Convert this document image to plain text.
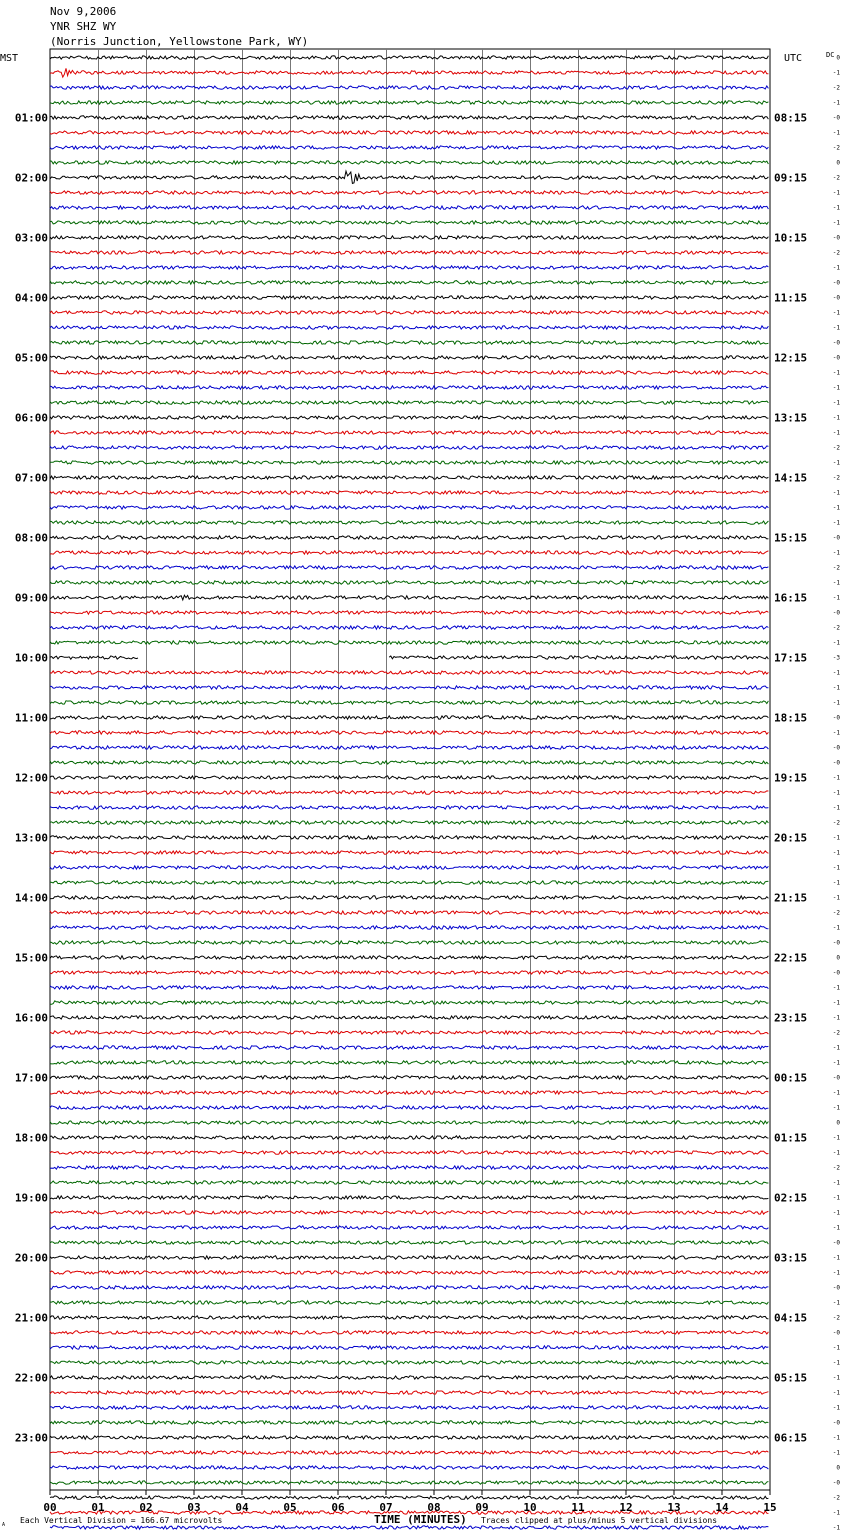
Nov 9,2006
YNR SHZ WY
(Norris Junction, Yellowstone Park, WY)
0
-1
-2
-1
-0
-1
-2
0
-2
-1
-1
-1
-0
-2
-1
-0
-0
-1
-1
-0
-0
-1
-1
-1
-1
-1
-2
-1
-2
-1
-1
-1
-0
-1
-2
-1
-1
-0
-2
-1
-3
-1
-1
-1
-0
-1
-0
-0
-1
-1
-1
-2
-1
-1
-1
-1
-1
-2
-1
-0
0
-0
-1
-1
-1
-2
-1
-1
-0
-1
-1
0
-1
-1
-2
-1
-1
-1
-1
-0
-1
-1
-0
-1
-2
-0
-1
-1
-1
-1
-1
-0
-1
-1
0
-0
-2
-1
-1
DC
MST	UTC
01:00
02:00
03:00
04:00
05:00
06:00
07:00
08:00
09:00
10:00
11:00
12:00
13:00
14:00
15:00
16:00
17:00
18:00
19:00
20:00
21:00
22:00
23:00
08:15
09:15
10:15
11:15
12:15
13:15
14:15
15:15
16:15
17:15
18:15
19:15
20:15
21:15
22:15
23:15
00:15
01:15
02:15
03:15
04:15
05:15
06:15
00	01	02	03	04	05	06	07	08	09	10	11	12	13	14	15
A Each Vertical Division = 166.67 microvolts	TIME (MINUTES) Traces clipped at plus/minus 5 vertical divisions
